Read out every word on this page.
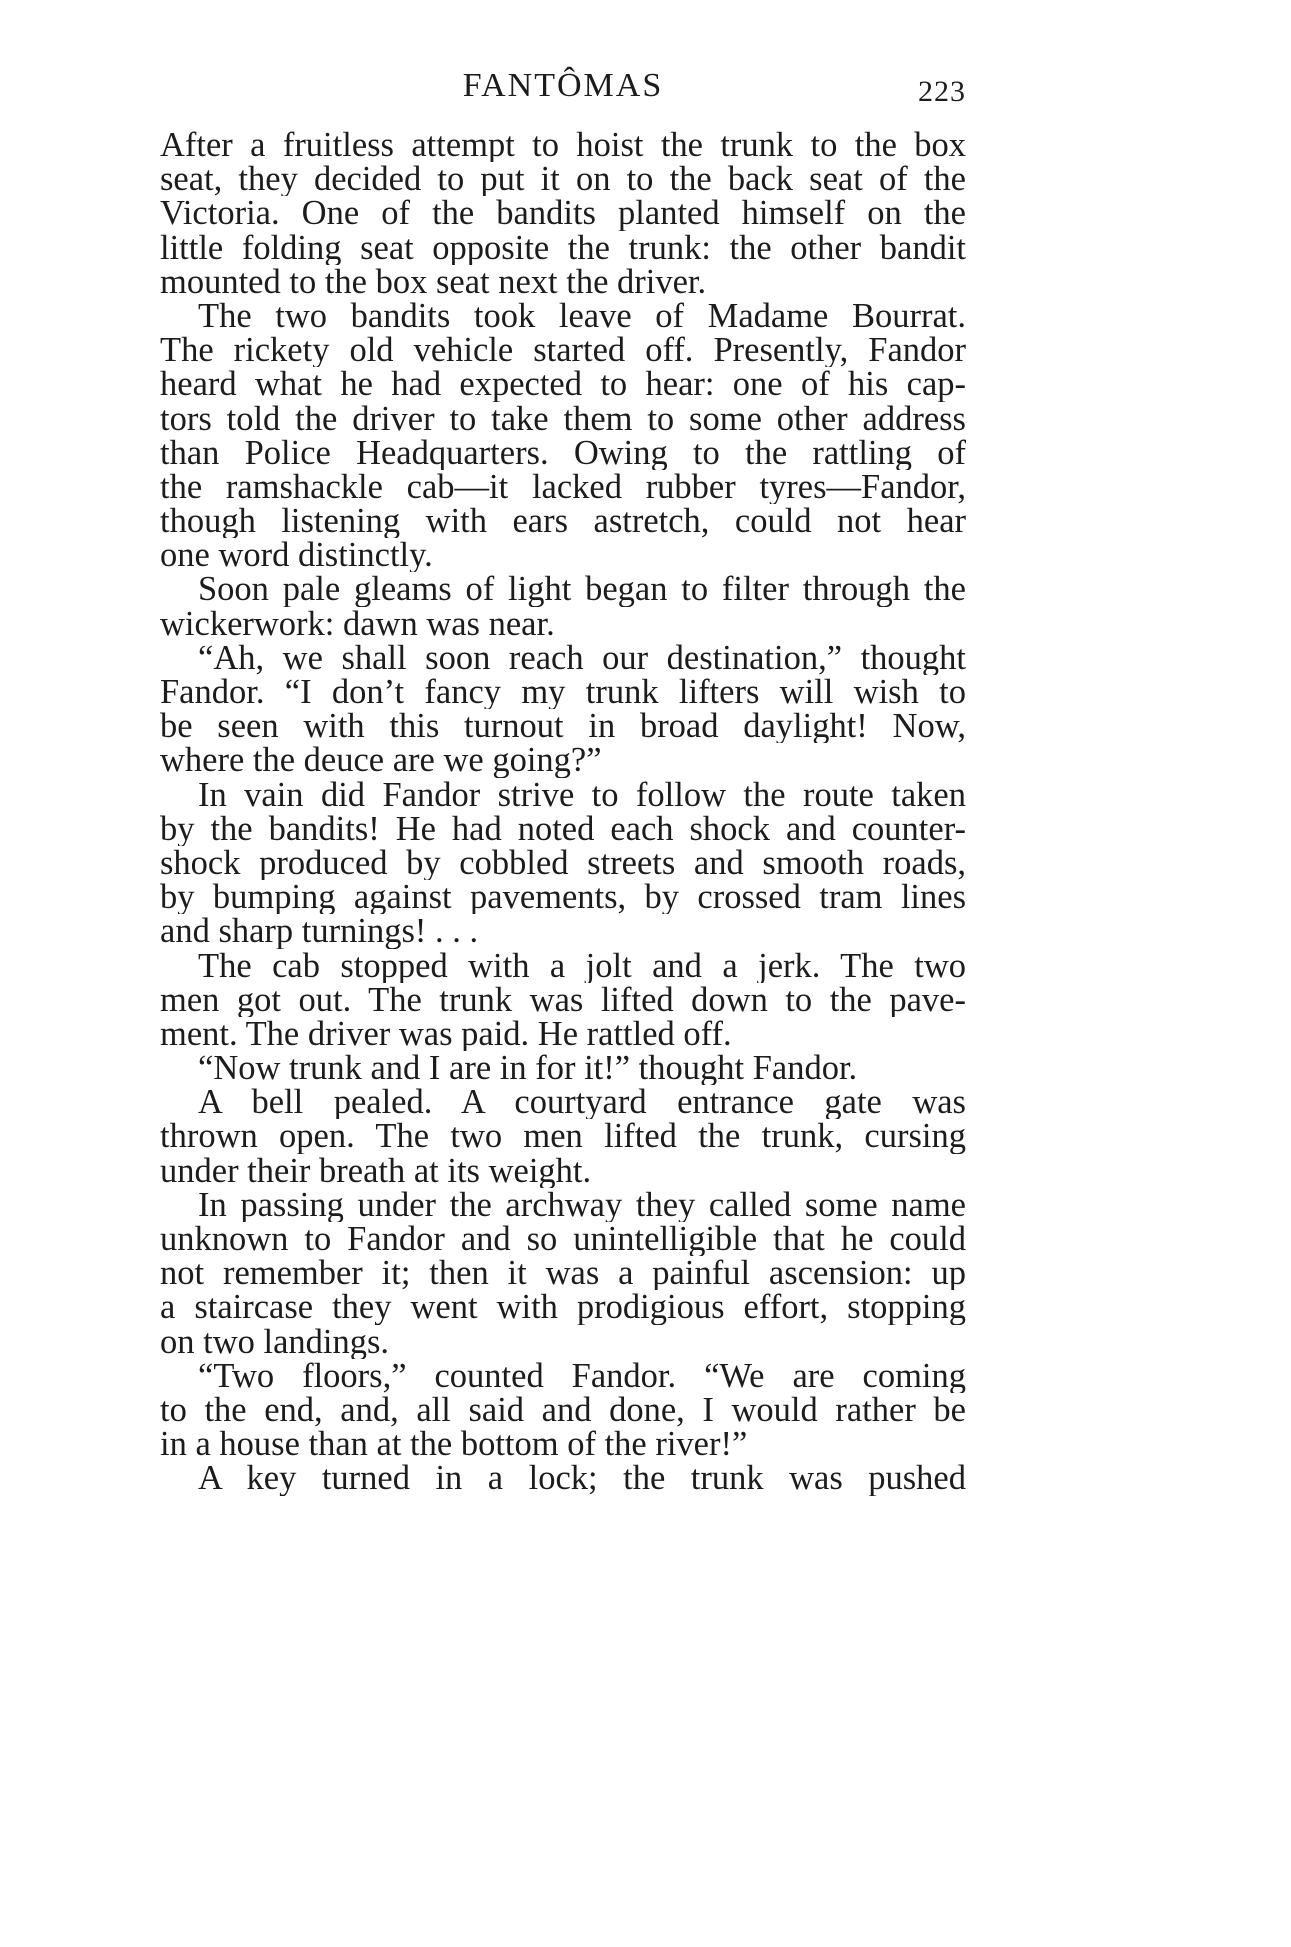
FANTÔMAS	223
After a fruitless attempt to hoist the trunk to the box
seat, they decided to put it on to the back seat of the
Victoria. One of the bandits planted himself on the
little folding seat opposite the trunk: the other bandit
mounted to the box seat next the driver.
The two bandits took leave of Madame Bourrat.
The rickety old vehicle started off. Presently, Fandor
heard what he had expected to hear: one of his cap-
tors told the driver to take them to some other address
than Police Headquarters. Owing to the rattling of
the ramshackle cab—it lacked rubber tyres—Fandor,
though listening with ears astretch, could not hear
one word distinctly.
Soon pale gleams of light began to filter through the
wickerwork: dawn was near.
“Ah, we shall soon reach our destination,” thought
Fandor. “I don’t fancy my trunk lifters will wish to
be seen with this turnout in broad daylight! Now,
where the deuce are we going?”
In vain did Fandor strive to follow the route taken
by the bandits! He had noted each shock and counter-
shock produced by cobbled streets and smooth roads,
by bumping against pavements, by crossed tram lines
and sharp turnings! . . .
The cab stopped with a jolt and a jerk. The two
men got out. The trunk was lifted down to the pave-
ment. The driver was paid. He rattled off.
“Now trunk and I are in for it!” thought Fandor.
A bell pealed. A courtyard entrance gate was
thrown open. The two men lifted the trunk, cursing
under their breath at its weight.
In passing under the archway they called some name
unknown to Fandor and so unintelligible that he could
not remember it; then it was a painful ascension: up
a staircase they went with prodigious effort, stopping
on two landings.
“Two floors,” counted Fandor. “We are coming
to the end, and, all said and done, I would rather be
in a house than at the bottom of the river!”
A key turned in a lock; the trunk was pushed
